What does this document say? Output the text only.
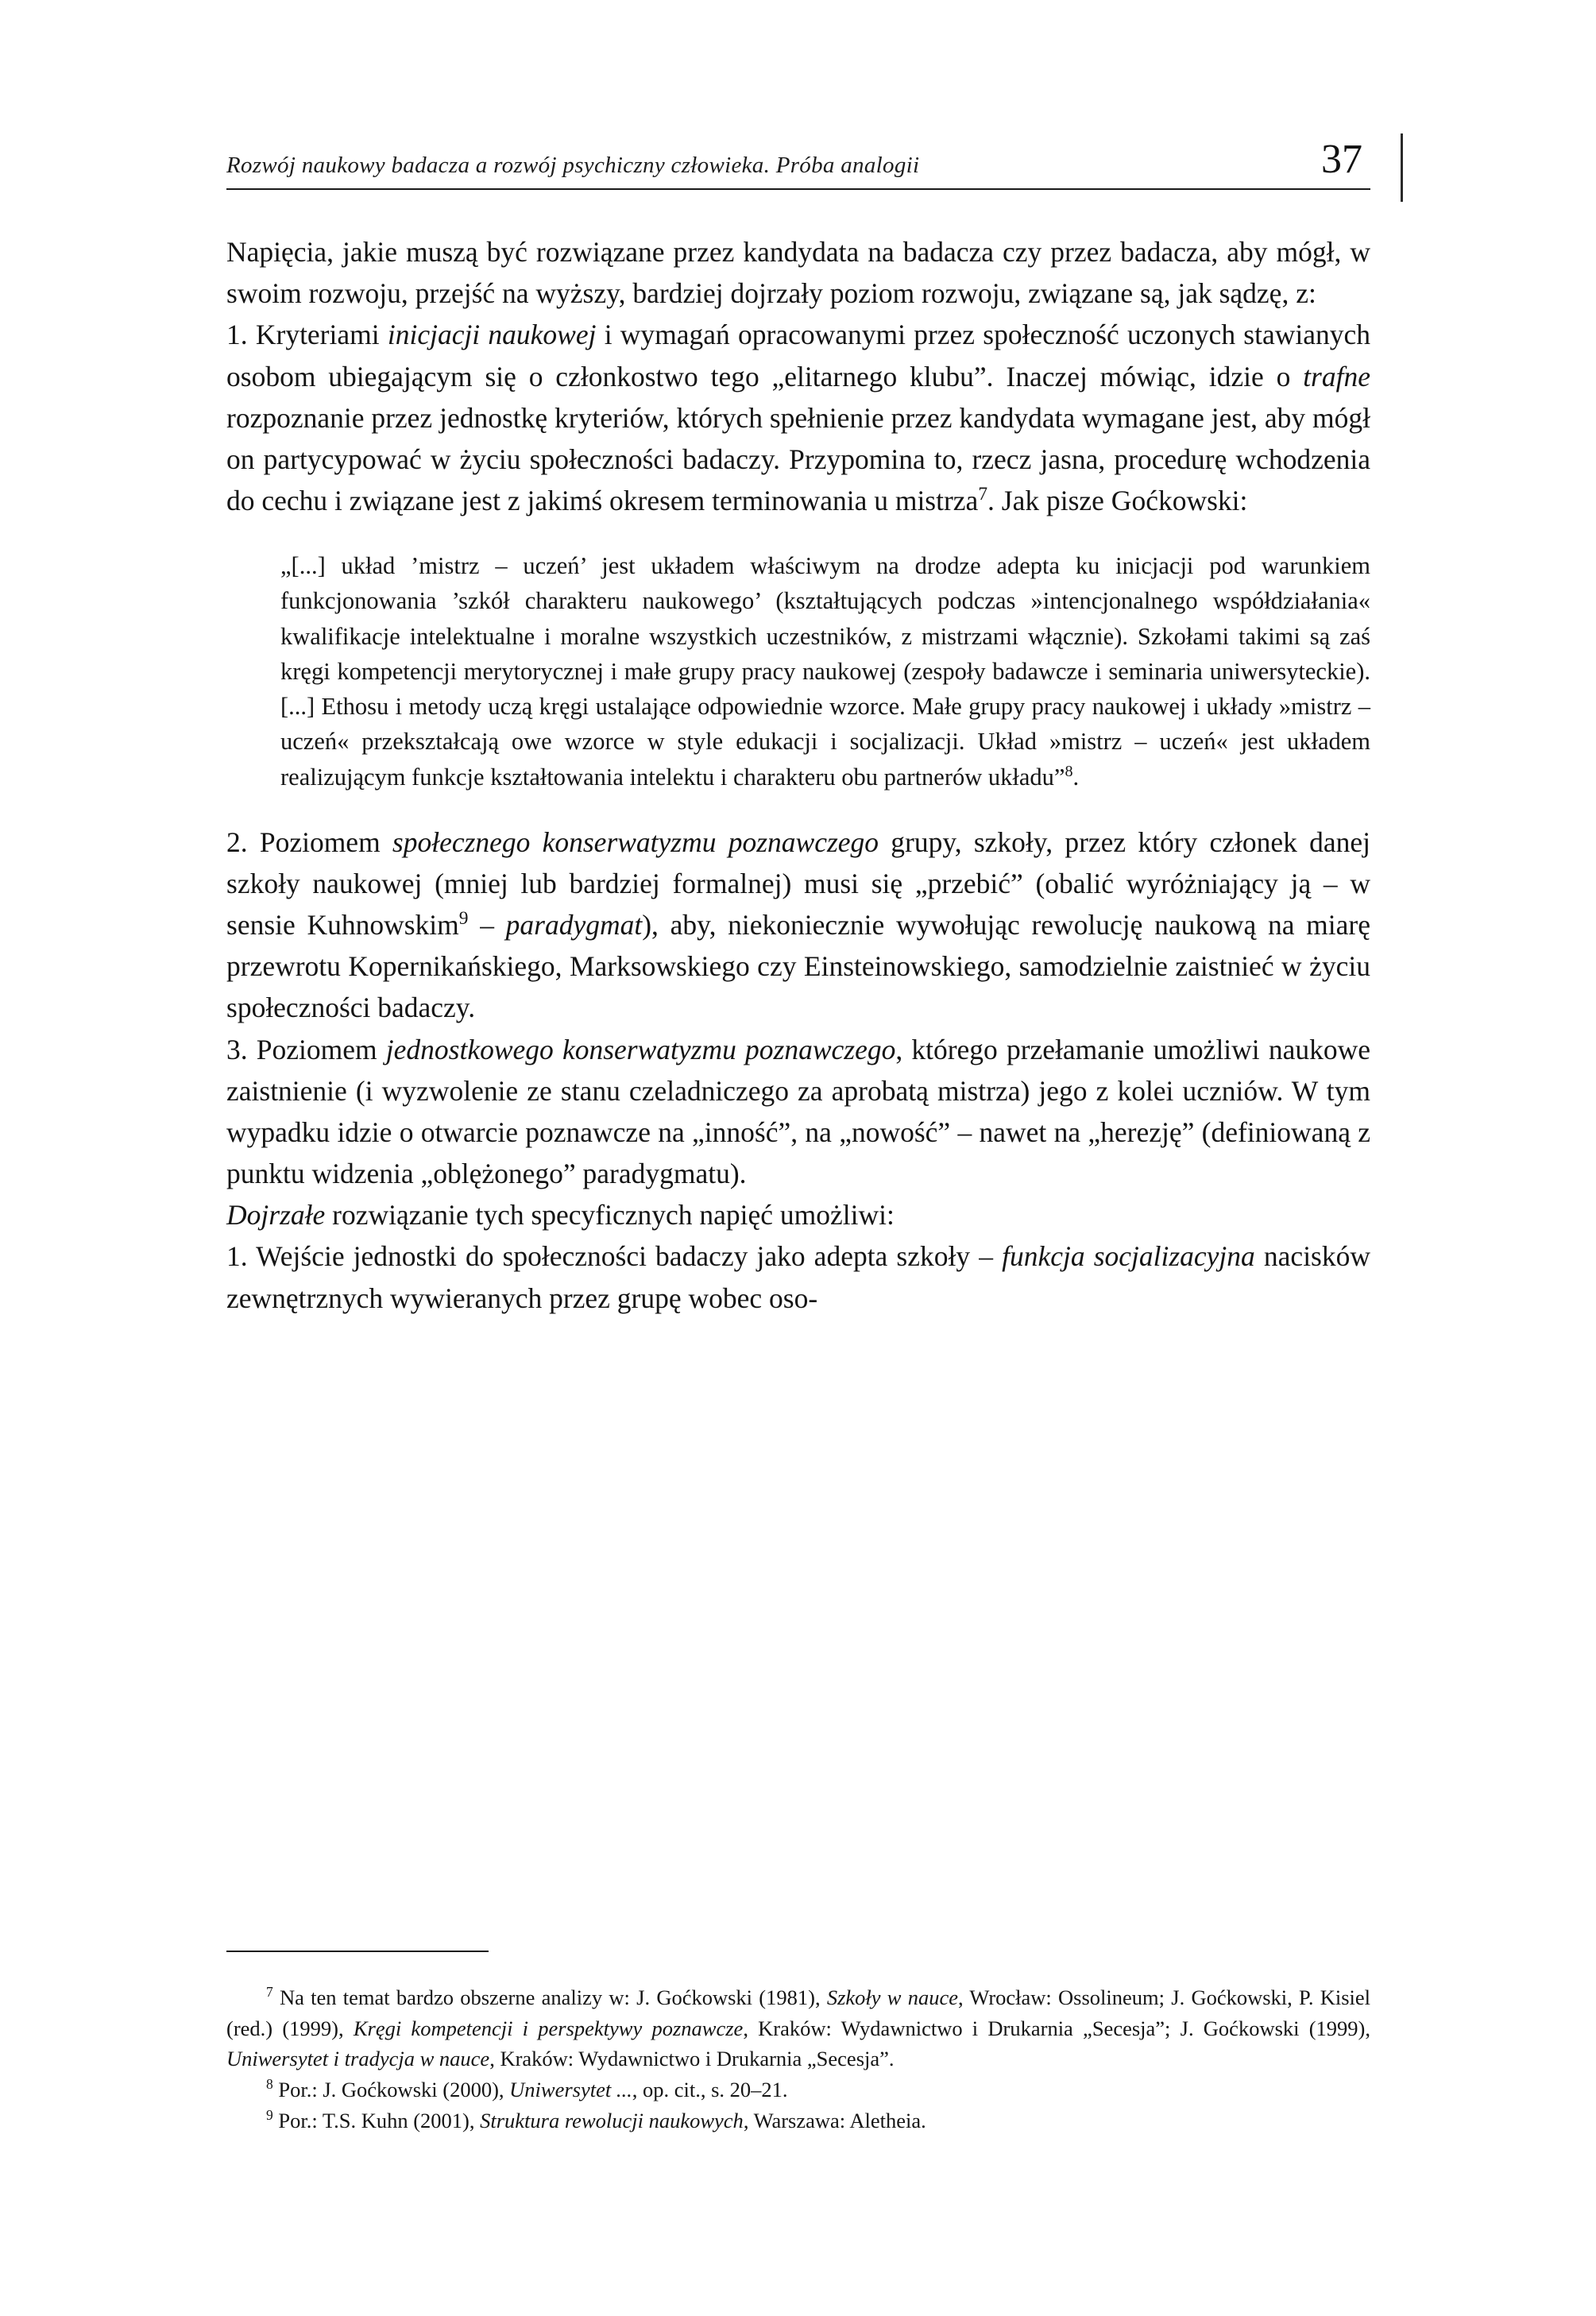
Rozwój naukowy badacza a rozwój psychiczny człowieka. Próba analogii	37

Napięcia, jakie muszą być rozwiązane przez kandydata na badacza czy przez badacza, aby mógł, w swoim rozwoju, przejść na wyższy, bardziej dojrzały poziom rozwoju, związane są, jak sądzę, z:

1. Kryteriami inicjacji naukowej i wymagań opracowanymi przez społeczność uczonych stawianych osobom ubiegającym się o członkostwo tego „elitarnego klubu”. Inaczej mówiąc, idzie o trafne rozpoznanie przez jednostkę kryteriów, których spełnienie przez kandydata wymagane jest, aby mógł on partycypować w życiu społeczności badaczy. Przypomina to, rzecz jasna, procedurę wchodzenia do cechu i związane jest z jakimś okresem terminowania u mistrza$^7$. Jak pisze Goćkowski:

„[...] układ ’mistrz – uczeń’ jest układem właściwym na drodze adepta ku inicjacji pod warunkiem funkcjonowania ’szkół charakteru naukowego’ (kształtujących podczas »intencjonalnego współdziałania« kwalifikacje intelektualne i moralne wszystkich uczestników, z mistrzami włącznie). Szkołami takimi są zaś kręgi kompetencji merytorycznej i małe grupy pracy naukowej (zespoły badawcze i seminaria uniwersyteckie). [...] Ethosu i metody uczą kręgi ustalające odpowiednie wzorce. Małe grupy pracy naukowej i układy »mistrz – uczeń« przekształcają owe wzorce w style edukacji i socjalizacji. Układ »mistrz – uczeń« jest układem realizującym funkcje kształtowania intelektu i charakteru obu partnerów układu”$^8$.

2. Poziomem społecznego konserwatyzmu poznawczego grupy, szkoły, przez który członek danej szkoły naukowej (mniej lub bardziej formalnej) musi się „przebić” (obalić wyróżniający ją – w sensie Kuhnowskim$^9$ – paradygmat), aby, niekoniecznie wywołując rewolucję naukową na miarę przewrotu Kopernikańskiego, Marksowskiego czy Einsteinowskiego, samodzielnie zaistnieć w życiu społeczności badaczy.

3. Poziomem jednostkowego konserwatyzmu poznawczego, którego przełamanie umożliwi naukowe zaistnienie (i wyzwolenie ze stanu czeladniczego za aprobatą mistrza) jego z kolei uczniów. W tym wypadku idzie o otwarcie poznawcze na „inność”, na „nowość” – nawet na „herezję” (definiowaną z punktu widzenia „oblężonego” paradygmatu).

Dojrzałe rozwiązanie tych specyficznych napięć umożliwi:

1. Wejście jednostki do społeczności badaczy jako adepta szkoły – funkcja socjalizacyjna nacisków zewnętrznych wywieranych przez grupę wobec oso-

$^7$ Na ten temat bardzo obszerne analizy w: J. Goćkowski (1981), Szkoły w nauce, Wrocław: Ossolineum; J. Goćkowski, P. Kisiel (red.) (1999), Kręgi kompetencji i perspektywy poznawcze, Kraków: Wydawnictwo i Drukarnia „Secesja”; J. Goćkowski (1999), Uniwersytet i tradycja w nauce, Kraków: Wydawnictwo i Drukarnia „Secesja”.

$^8$ Por.: J. Goćkowski (2000), Uniwersytet ..., op. cit., s. 20–21.

$^9$ Por.: T.S. Kuhn (2001), Struktura rewolucji naukowych, Warszawa: Aletheia.
